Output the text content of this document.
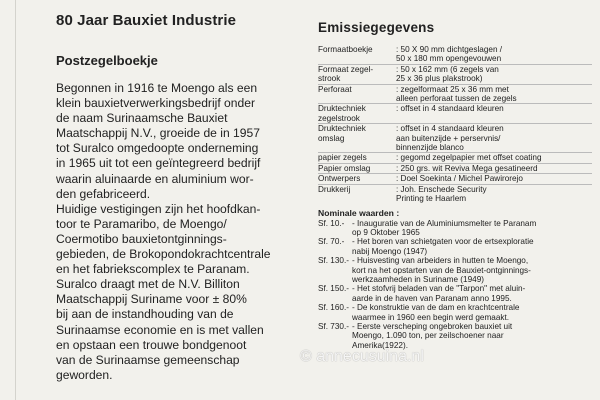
80 Jaar Bauxiet Industrie
Postzegelboekje

Begonnen in 1916 te Moengo als een

klein bauxietverwerkingsbedrijf onder

de naam Surinaamsche Bauxiet

Maatschappij N.V., groeide de in 1957

tot Suralco omgedoopte onderneming

in 1965 uit tot een geïntegreerd bedrijf

waarin aluinaarde en aluminium wor-

den gefabriceerd.

Huidige vestigingen zijn het hoofdkan-

toor te Paramaribo, de Moengo/

Coermotibo bauxietontginnings-

gebieden, de Brokopondokrachtcentrale

en het fabriekscomplex te Paranam.

Suralco draagt met de N.V. Billiton

Maatschappij Suriname voor ± 80%

bij aan de instandhouding van de

Surinaamse economie en is met vallen

en opstaan een trouwe bondgenoot

van de Surinaamse gemeenschap

geworden.

Emissiegegevens
Formaatboekje	: 50 X 90 mm dichtgeslagen /
	50 x 180 mm opengevouwen
Formaat zegel-	: 50 x 162 mm (6 zegels van
strook	25 x 36 plus plakstrook)
Perforaat	: zegelformaat 25 x 36 mm met
	alleen perforaat tussen de zegels
Druktechniek	: offset in 4 standaard kleuren
zegelstrook	
Druktechniek	: offset in 4 standaard kleuren
omslag	aan buitenzijde + perservnis/
	binnenzijde blanco
papier zegels	: gegomd zegelpapier met offset coating
Papier omslag	: 250 grs. wit Reviva Mega gesatineerd
Ontwerpers	: Doel Soekinta / Michel Pawirorejo
Drukkerij	: Joh. Enschede Security
	Printing te Haarlem
Nominale waarden :
Sf. 10.-	- Inauguratie van de Aluminiumsmelter te Paranam
	op 9 Oktober 1965
Sf. 70.-	- Het boren van schietgaten voor de ertsexploratie
	nabij Moengo (1947)
Sf. 130.-	- Huisvesting van arbeiders in hutten te Moengo,
	kort na het opstarten van de Bauxiet-ontginnings-
	werkzaamheden in Suriname (1949)
Sf. 150.-	- Het stofvrij beladen van de "Tarpon" met aluin-
	aarde in de haven van Paranam anno 1995.
Sf. 160.-	- De konstruktie van de dam en krachtcentrale
	waarmee in 1960 een begin werd gemaakt.
Sf. 730.-	- Eerste verscheping ongebroken bauxiet uit
	Moengo, 1.090 ton, per zeilschoener naar
	Amerika(1922).
© annecusuina.nl
